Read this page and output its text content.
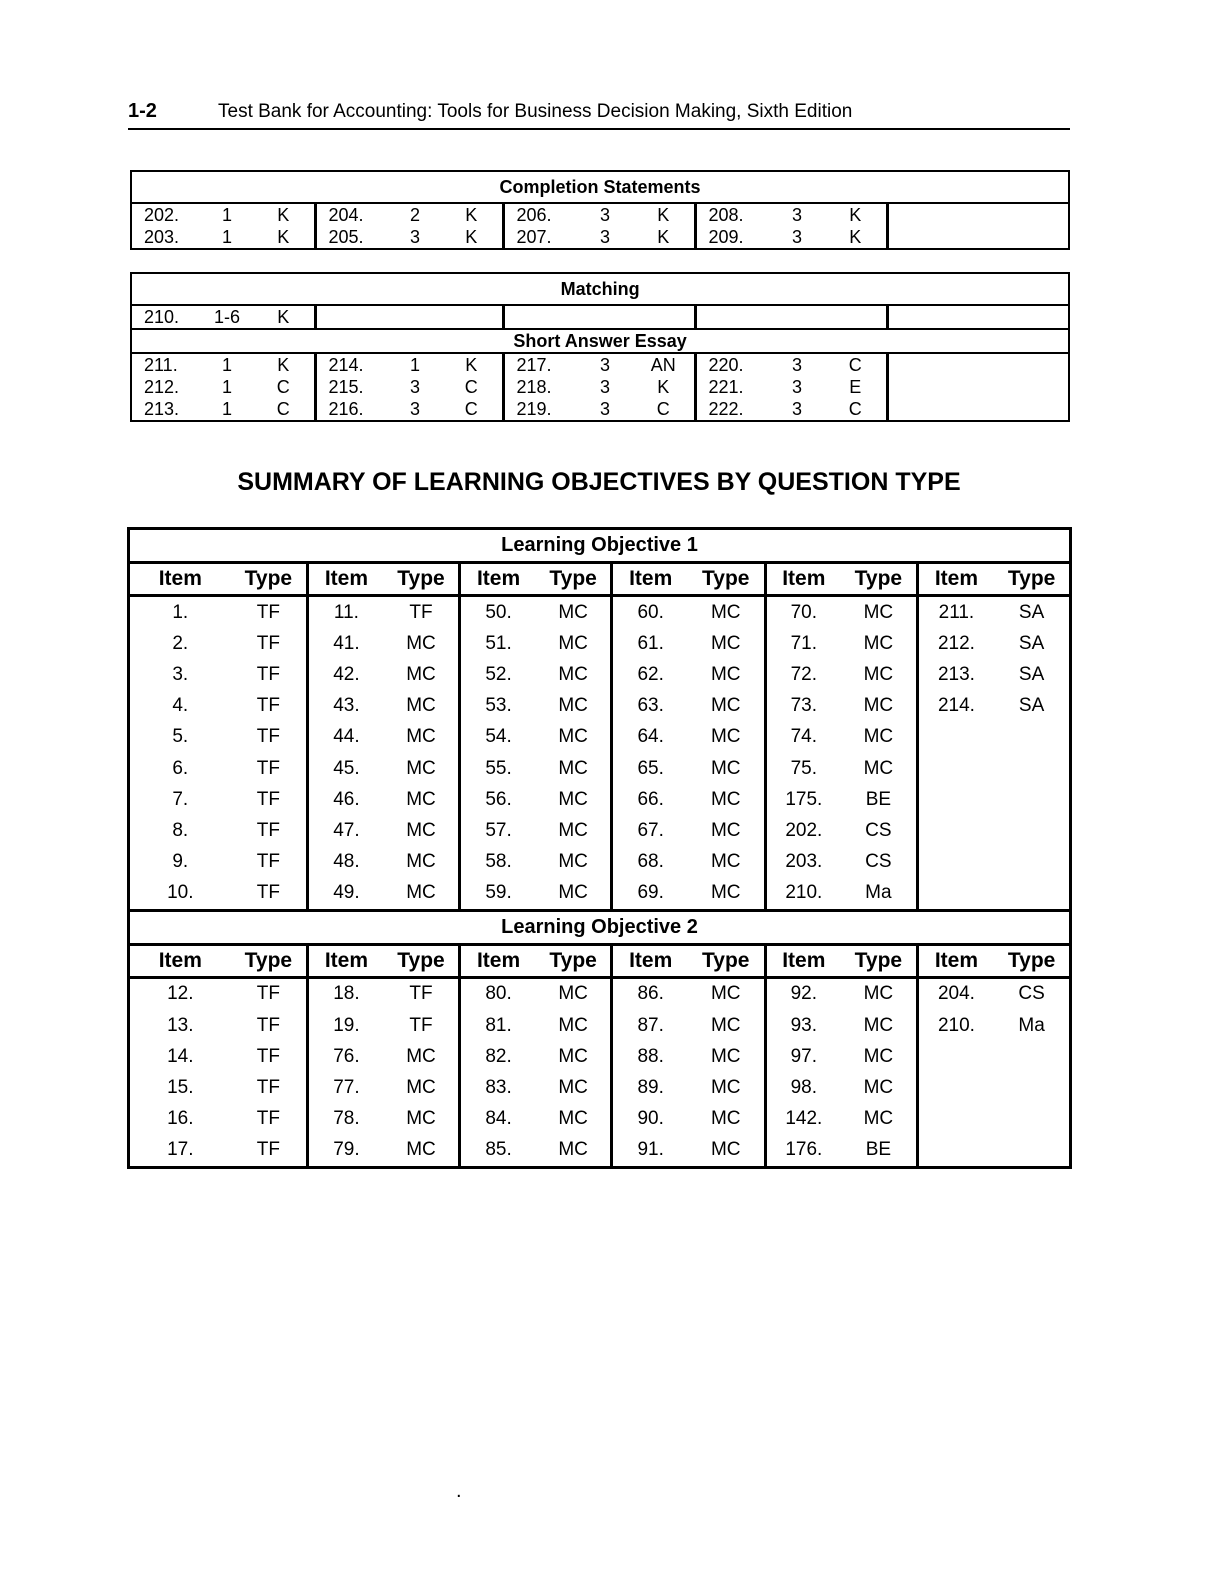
1-2	Test Bank for Accounting: Tools for Business Decision Making, Sixth Edition
Completion Statements												
202.	1	K	204.	2	K	206.	3	K	208.	3	K	
203.	1	K	205.	3	K	207.	3	K	209.	3	K	
Matching												
210.	1-6	K										
Short Answer Essay												
211.	1	K	214.	1	K	217.	3	AN	220.	3	C	
212.	1	C	215.	3	C	218.	3	K	221.	3	E	
213.	1	C	216.	3	C	219.	3	C	222.	3	C	
SUMMARY OF LEARNING OBJECTIVES BY QUESTION TYPE
Learning Objective 1											
Item	Type	Item	Type	Item	Type	Item	Type	Item	Type	Item	Type
1.	TF	11.	TF	50.	MC	60.	MC	70.	MC	211.	SA
2.	TF	41.	MC	51.	MC	61.	MC	71.	MC	212.	SA
3.	TF	42.	MC	52.	MC	62.	MC	72.	MC	213.	SA
4.	TF	43.	MC	53.	MC	63.	MC	73.	MC	214.	SA
5.	TF	44.	MC	54.	MC	64.	MC	74.	MC		
6.	TF	45.	MC	55.	MC	65.	MC	75.	MC		
7.	TF	46.	MC	56.	MC	66.	MC	175.	BE		
8.	TF	47.	MC	57.	MC	67.	MC	202.	CS		
9.	TF	48.	MC	58.	MC	68.	MC	203.	CS		
10.	TF	49.	MC	59.	MC	69.	MC	210.	Ma		
Learning Objective 2											
Item	Type	Item	Type	Item	Type	Item	Type	Item	Type	Item	Type
12.	TF	18.	TF	80.	MC	86.	MC	92.	MC	204.	CS
13.	TF	19.	TF	81.	MC	87.	MC	93.	MC	210.	Ma
14.	TF	76.	MC	82.	MC	88.	MC	97.	MC		
15.	TF	77.	MC	83.	MC	89.	MC	98.	MC		
16.	TF	78.	MC	84.	MC	90.	MC	142.	MC		
17.	TF	79.	MC	85.	MC	91.	MC	176.	BE		
.
